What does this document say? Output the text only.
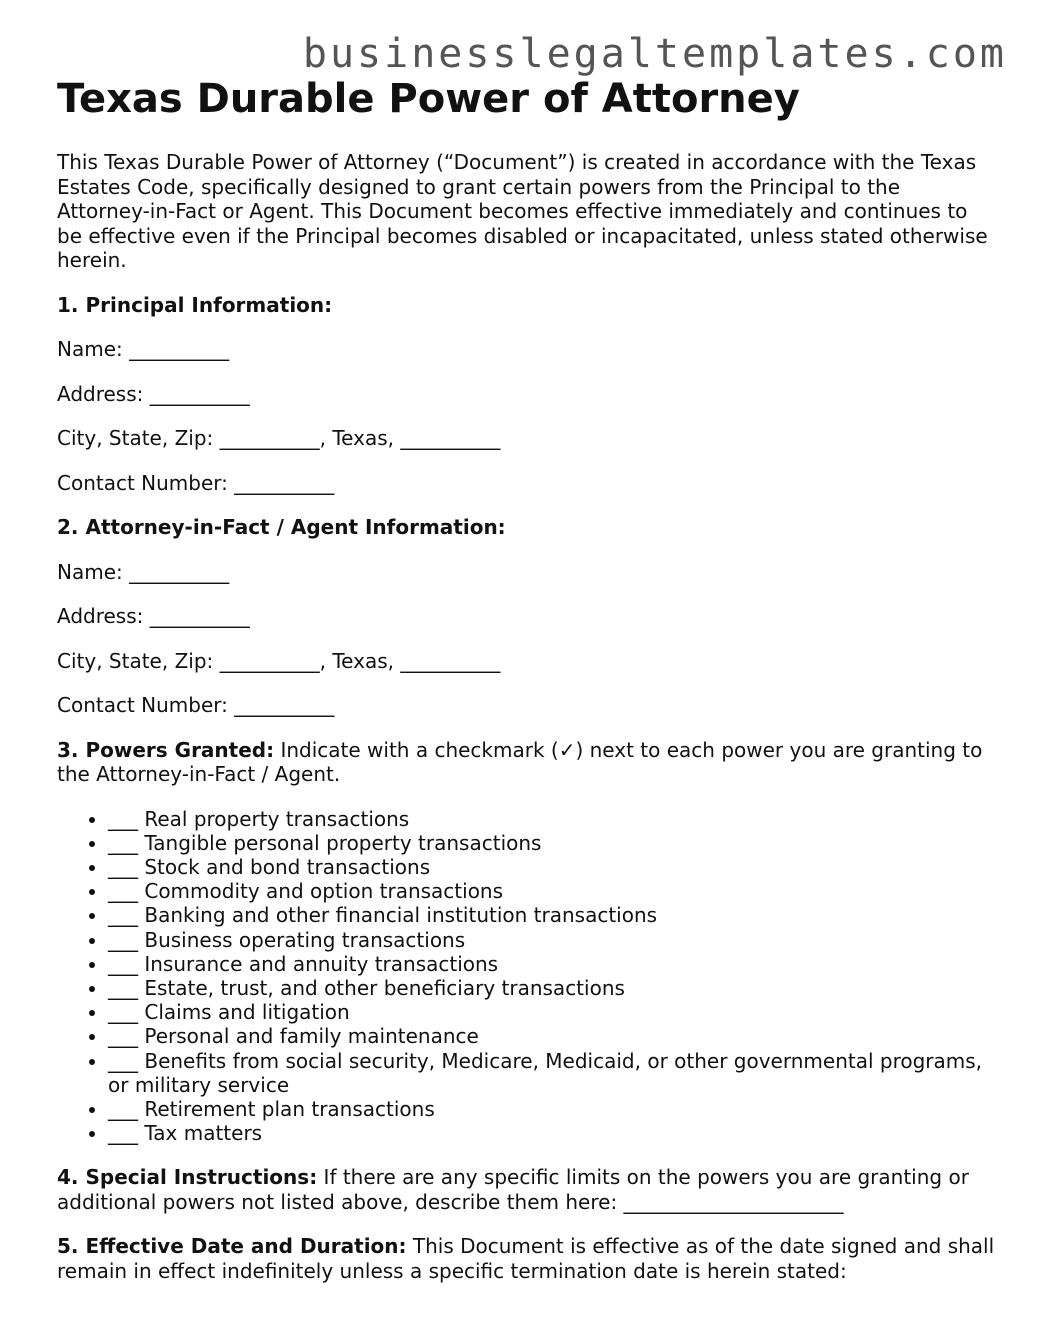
businesslegaltemplates.com
Texas Durable Power of Attorney

This Texas Durable Power of Attorney (“Document”) is created in accordance with the Texas Estates Code, specifically designed to grant certain powers from the Principal to the Attorney-in-Fact or Agent. This Document becomes effective immediately and continues to be effective even if the Principal becomes disabled or incapacitated, unless stated otherwise herein.

1. Principal Information:

Name: __________

Address: __________

City, State, Zip: __________, Texas, __________

Contact Number: __________

2. Attorney-in-Fact / Agent Information:

Name: __________

Address: __________

City, State, Zip: __________, Texas, __________

Contact Number: __________

3. Powers Granted: Indicate with a checkmark (✓) next to each power you are granting to the Attorney-in-Fact / Agent.

• ___ Real property transactions
• ___ Tangible personal property transactions
• ___ Stock and bond transactions
• ___ Commodity and option transactions
• ___ Banking and other financial institution transactions
• ___ Business operating transactions
• ___ Insurance and annuity transactions
• ___ Estate, trust, and other beneficiary transactions
• ___ Claims and litigation
• ___ Personal and family maintenance
• ___ Benefits from social security, Medicare, Medicaid, or other governmental programs, or military service
• ___ Retirement plan transactions
• ___ Tax matters

4. Special Instructions: If there are any specific limits on the powers you are granting or additional powers not listed above, describe them here: ______________________

5. Effective Date and Duration: This Document is effective as of the date signed and shall remain in effect indefinitely unless a specific termination date is herein stated:
